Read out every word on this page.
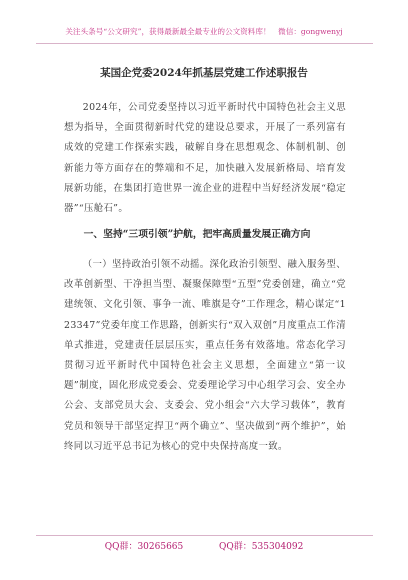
关注头条号“公文研究”，获得最新最全最专业的公文资料库！　微信：gongwenyj
某国企党委2024年抓基层党建工作述职报告

2024年，公司党委坚持以习近平新时代中国特色社会主义思想为指导，全面贯彻新时代党的建设总要求，开展了一系列富有成效的党建工作探索实践，破解自身在思想观念、体制机制、创新能力等方面存在的弊端和不足，加快融入发展新格局、培育发展新功能，在集团打造世界一流企业的进程中当好经济发展“稳定器”“压舱石”。

一、坚持“三项引领”护航，把牢高质量发展正确方向

（一）坚持政治引领不动摇。深化政治引领型、融入服务型、改革创新型、干净担当型、凝聚保障型“五型”党委创建，确立“党建统领、文化引领、事争一流、唯旗是夺”工作理念，精心谋定“123347”党委年度工作思路，创新实行“双入双创”月度重点工作清单式推进，党建责任层层压实，重点任务有效落地。常态化学习贯彻习近平新时代中国特色社会主义思想，全面建立“第一议题”制度，固化形成党委会、党委理论学习中心组学习会、安全办公会、支部党员大会、支委会、党小组会“六大学习载体”，教育党员和领导干部坚定捍卫“两个确立”、坚决做到“两个维护”，始终同以习近平总书记为核心的党中央保持高度一致。

QQ群：30265665	QQ群：535304092
